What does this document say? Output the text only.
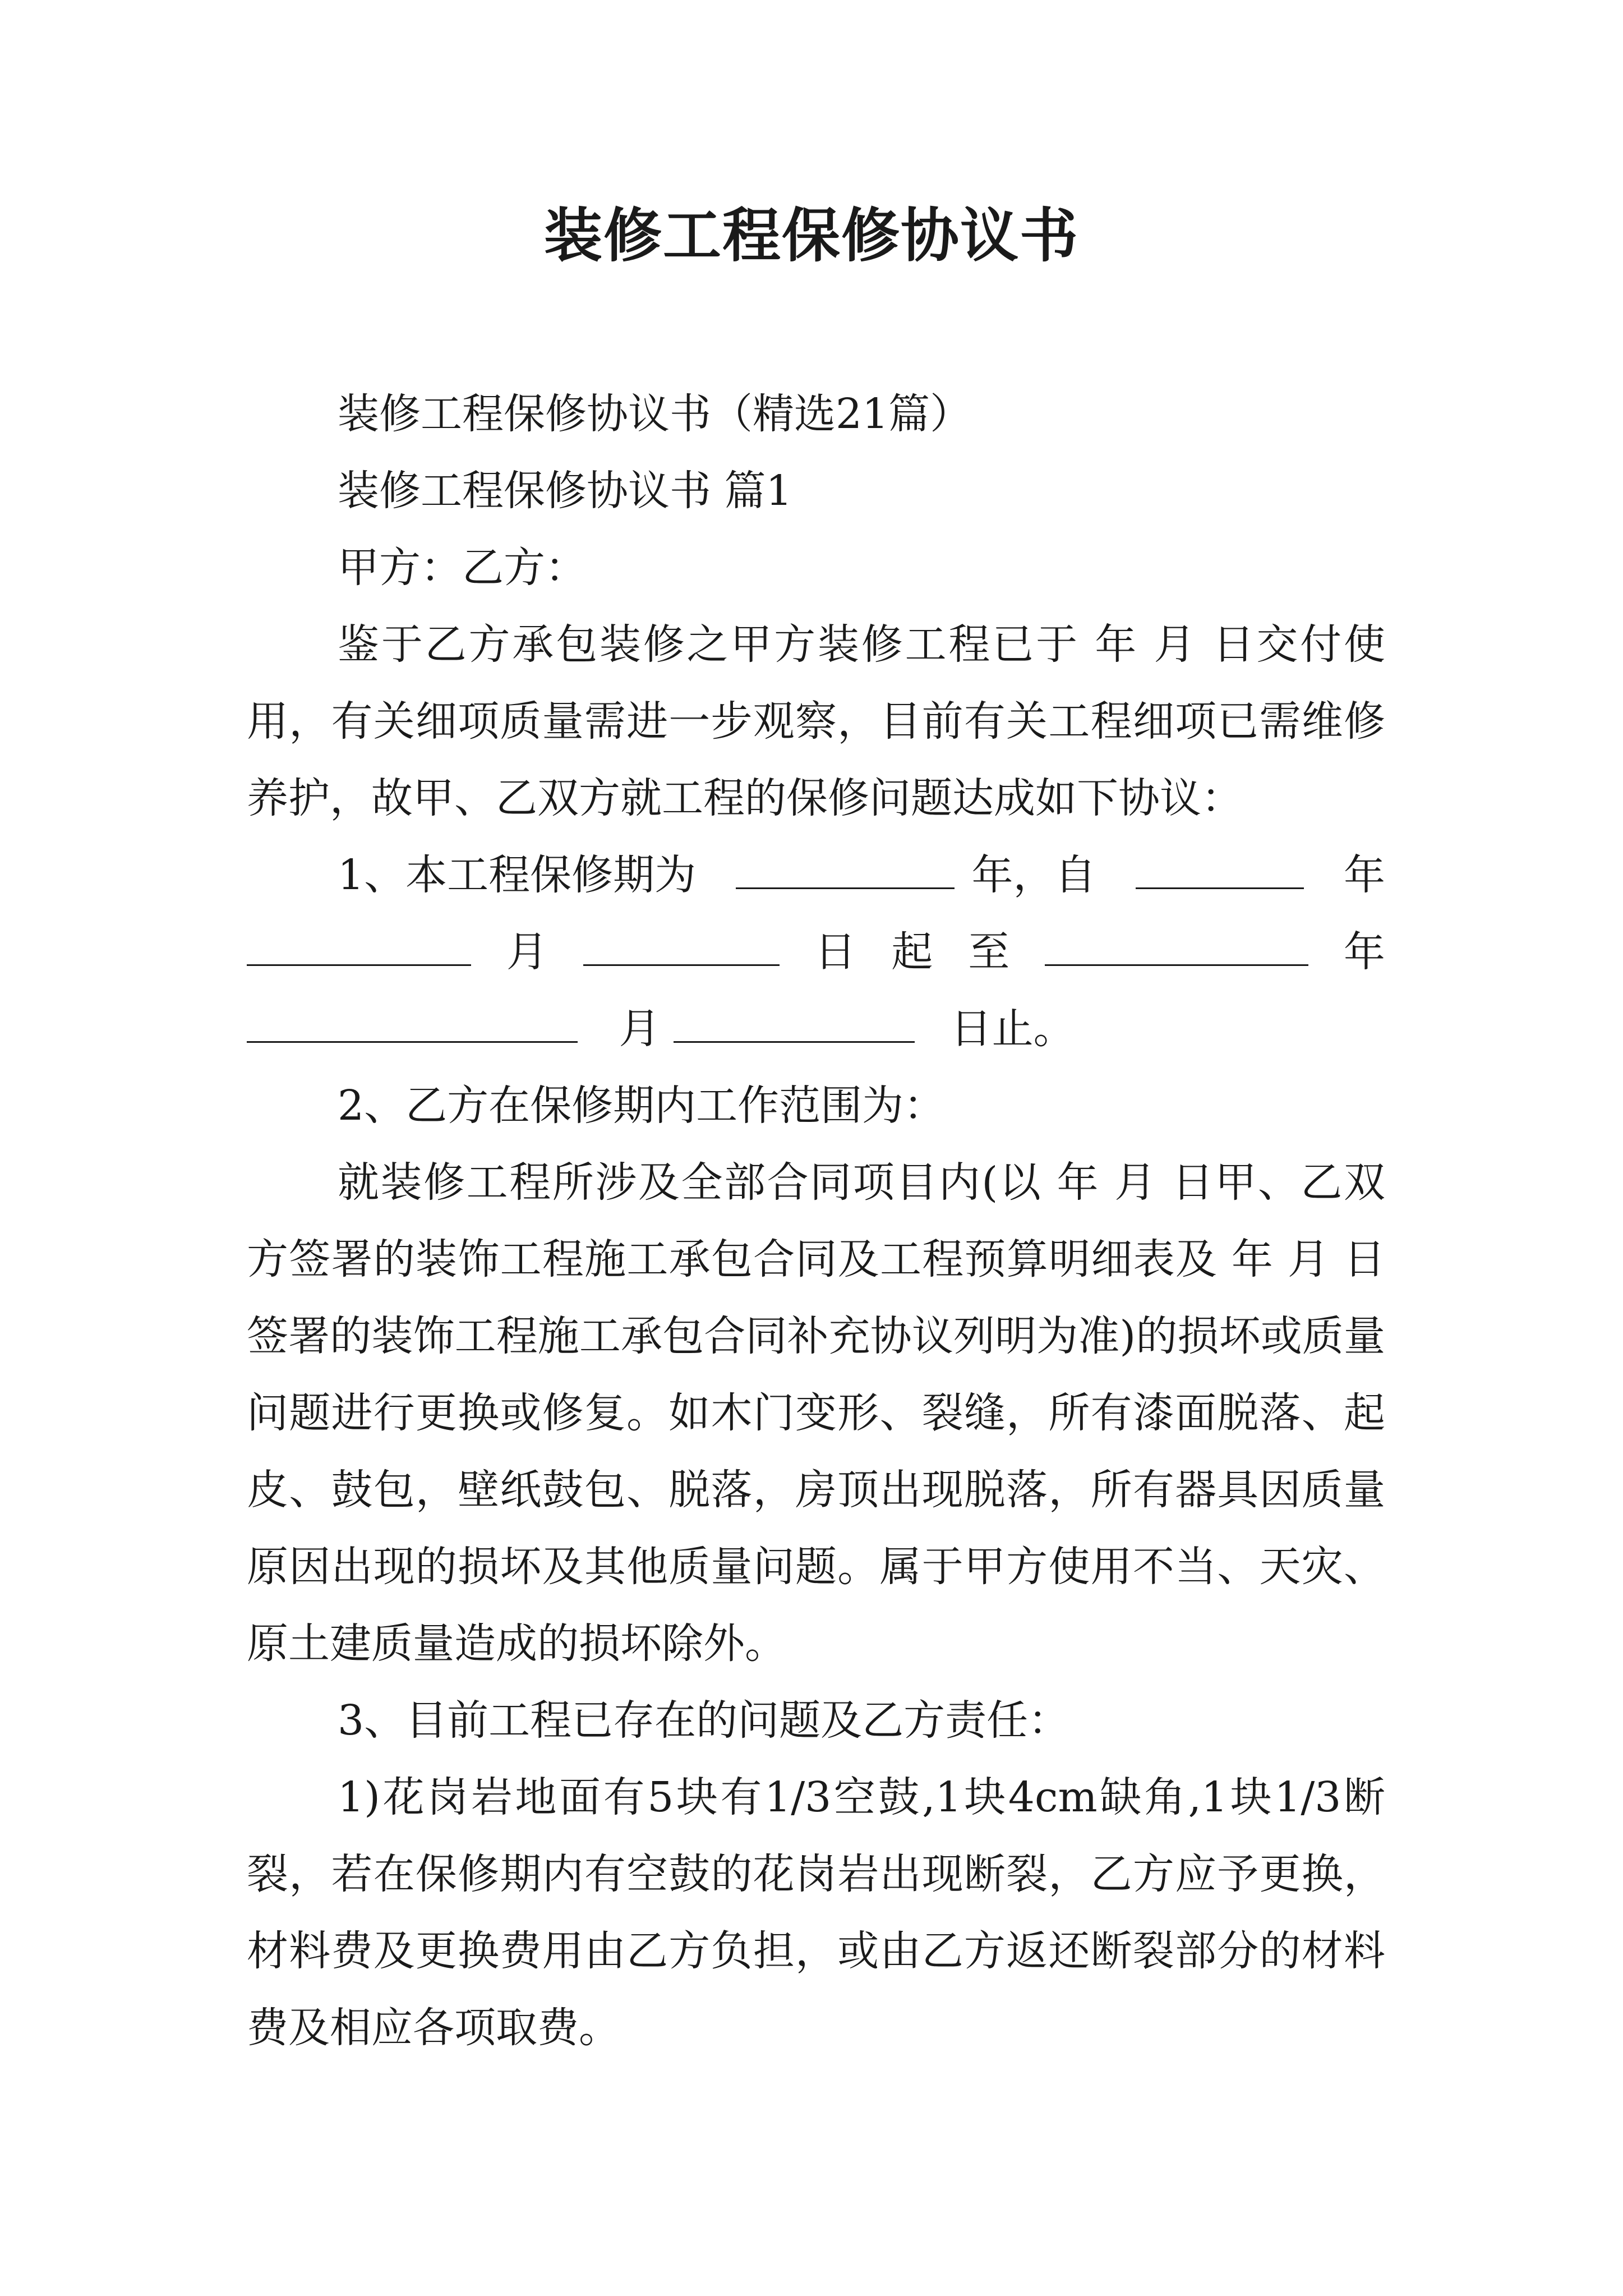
装修工程保修协议书

装修工程保修协议书（精选21篇）

装修工程保修协议书 篇1

甲方：乙方：

鉴于乙方承包装修之甲方装修工程已于 年 月 日交付使用，有关细项质量需进一步观察，目前有关工程细项已需维修养护，故甲、乙双方就工程的保修问题达成如下协议：

1、本工程保修期为	年，自	年
月	日 起 至	年
月	日止。

2、乙方在保修期内工作范围为：

就装修工程所涉及全部合同项目内(以 年 月 日甲、乙双方签署的装饰工程施工承包合同及工程预算明细表及 年 月 日签署的装饰工程施工承包合同补充协议列明为准)的损坏或质量问题进行更换或修复。如木门变形、裂缝，所有漆面脱落、起皮、鼓包，壁纸鼓包、脱落，房顶出现脱落，所有器具因质量原因出现的损坏及其他质量问题。属于甲方使用不当、天灾、原土建质量造成的损坏除外。

3、目前工程已存在的问题及乙方责任：

1)花岗岩地面有5块有1/3空鼓,1块4cm缺角,1块1/3断裂，若在保修期内有空鼓的花岗岩出现断裂，乙方应予更换，材料费及更换费用由乙方负担，或由乙方返还断裂部分的材料费及相应各项取费。
